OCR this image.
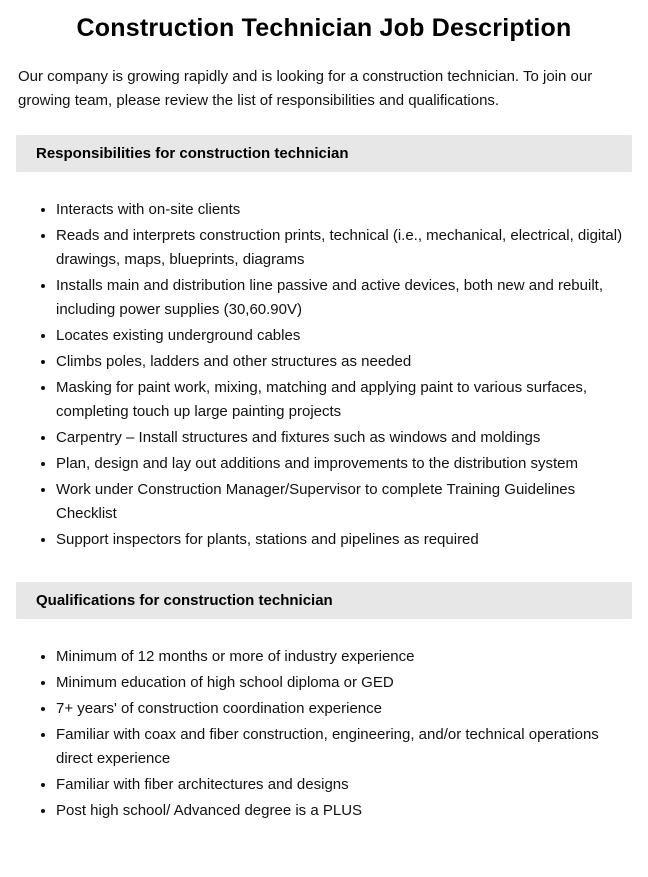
Construction Technician Job Description

Our company is growing rapidly and is looking for a construction technician. To join our growing team, please review the list of responsibilities and qualifications.

Responsibilities for construction technician
• Interacts with on-site clients
• Reads and interprets construction prints, technical (i.e., mechanical, electrical, digital) drawings, maps, blueprints, diagrams
• Installs main and distribution line passive and active devices, both new and rebuilt, including power supplies (30,60.90V)
• Locates existing underground cables
• Climbs poles, ladders and other structures as needed
• Masking for paint work, mixing, matching and applying paint to various surfaces, completing touch up large painting projects
• Carpentry – Install structures and fixtures such as windows and moldings
• Plan, design and lay out additions and improvements to the distribution system
• Work under Construction Manager/Supervisor to complete Training Guidelines Checklist
• Support inspectors for plants, stations and pipelines as required
Qualifications for construction technician
• Minimum of 12 months or more of industry experience
• Minimum education of high school diploma or GED
• 7+ years' of construction coordination experience
• Familiar with coax and fiber construction, engineering, and/or technical operations direct experience
• Familiar with fiber architectures and designs
• Post high school/ Advanced degree is a PLUS
